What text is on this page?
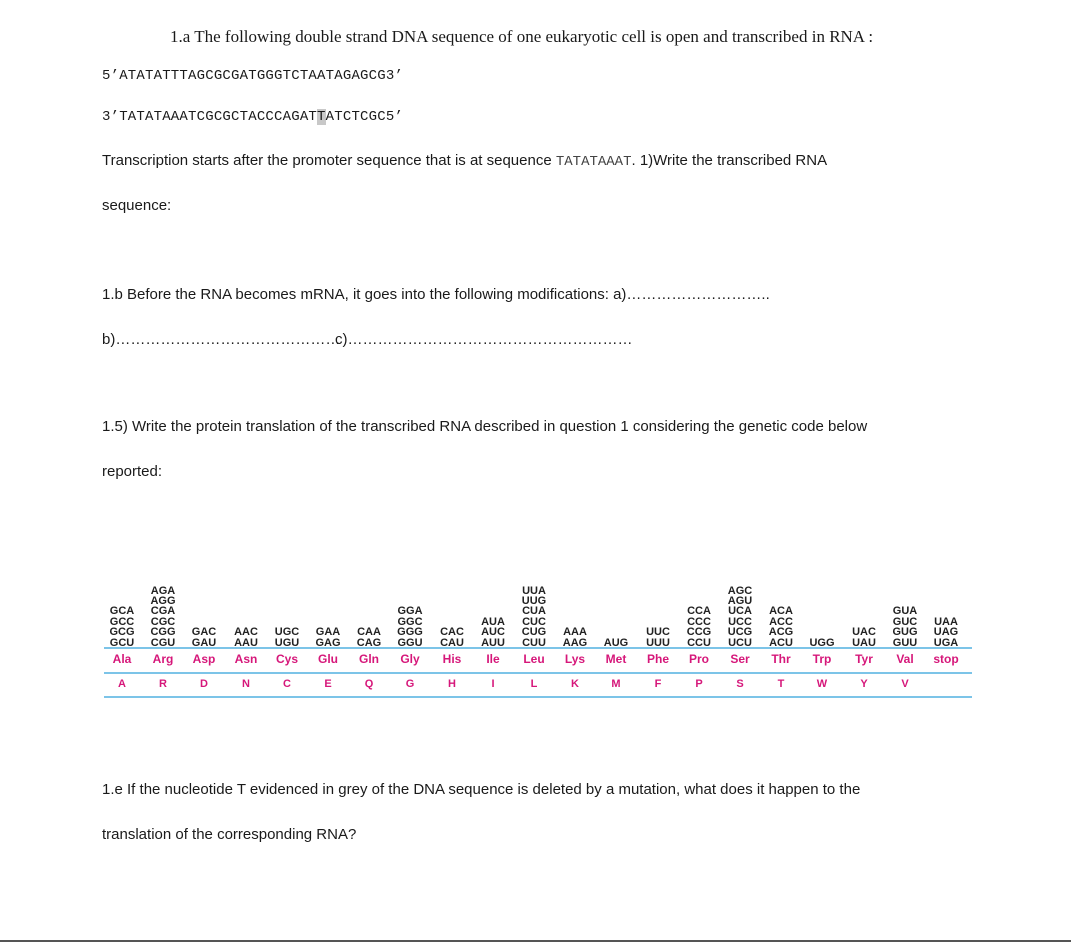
1.a The following double strand DNA sequence of one eukaryotic cell is open and transcribed in RNA :
5’ATATATTTAGCGCGATGGGTCTAATAGAGCG3’
3’TATATAAATCGCGCTACCCAGATTATCTCGC5’
Transcription starts after the promoter sequence that is at sequence TATATAAAT. 1)Write the transcribed RNA
sequence:
1.b Before the RNA becomes mRNA, it goes into the following modifications: a)………………………..
b)………………………………………
c)…………………………………………………
1.5) Write the protein translation of the transcribed RNA described in question 1 considering the genetic code below
reported:
GCA
GCC
GCG
GCU
Ala
A
AGA
AGG
CGA
CGC
CGG
CGU
Arg
R
GAC
GAU
Asp
D
AAC
AAU
Asn
N
UGC
UGU
Cys
C
GAA
GAG
Glu
E
CAA
CAG
Gln
Q
GGA
GGC
GGG
GGU
Gly
G
CAC
CAU
His
H
AUA
AUC
AUU
Ile
I
UUA
UUG
CUA
CUC
CUG
CUU
Leu
L
AAA
AAG
Lys
K
AUG
Met
M
UUC
UUU
Phe
F
CCA
CCC
CCG
CCU
Pro
P
AGC
AGU
UCA
UCC
UCG
UCU
Ser
S
ACA
ACC
ACG
ACU
Thr
T
UGG
Trp
W
UAC
UAU
Tyr
Y
GUA
GUC
GUG
GUU
Val
V
UAA
UAG
UGA
stop
1.e If the nucleotide T evidenced in grey of the DNA sequence is deleted by a mutation, what does it happen to the
translation of the corresponding RNA?
